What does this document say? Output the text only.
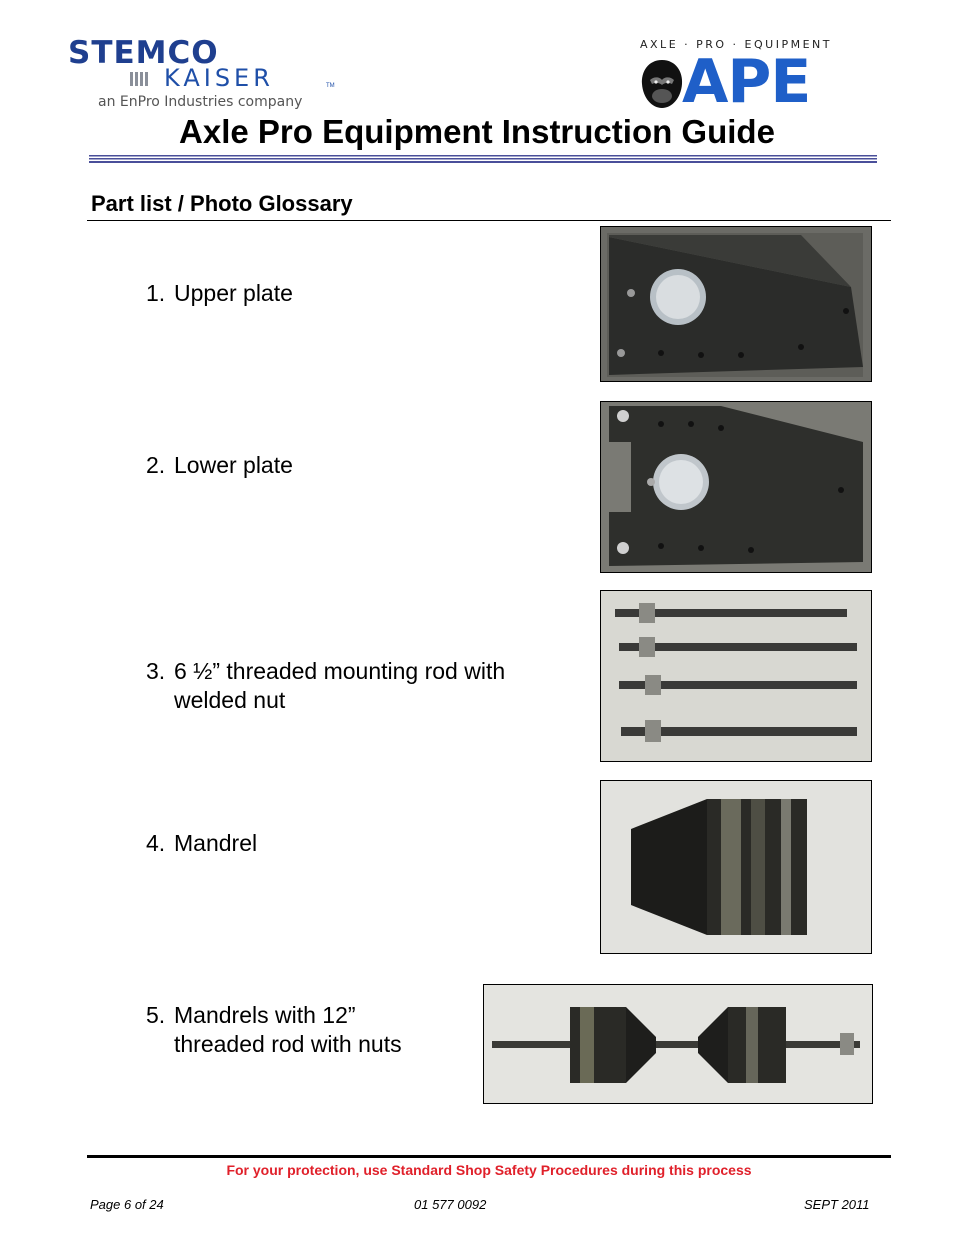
STEMCO
KAISER	TM
an EnPro Industries company
AXLE · PRO · EQUIPMENT
APE
Axle Pro Equipment Instruction Guide
Part list / Photo Glossary
1. Upper plate
2. Lower plate
3. 6 ½” threaded mounting rod with
welded nut
4. Mandrel
5. Mandrels with 12”
threaded rod with nuts
For your protection, use Standard Shop Safety Procedures during this process
Page 6 of 24	01 577 0092	SEPT 2011
